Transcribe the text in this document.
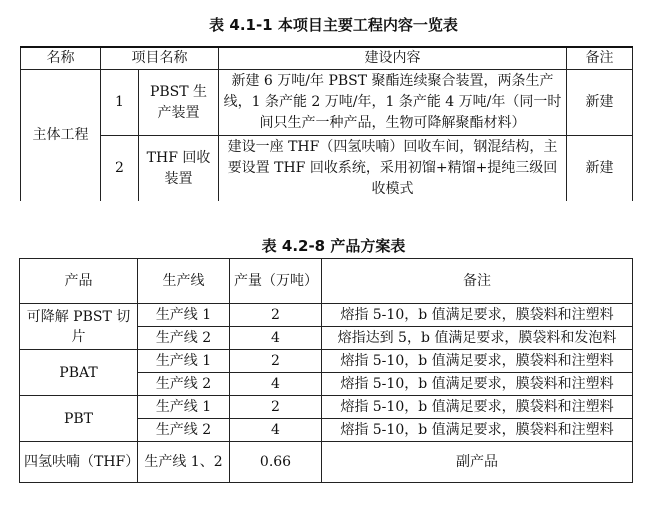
表 4.1-1 本项目主要工程内容一览表
名称	项目名称		建设内容	备注
主体工程	1	PBST 生产装置	新建 6 万吨/年 PBST 聚酯连续聚合装置，两条生产线，1 条产能 2 万吨/年，1 条产能 4 万吨/年（同一时间只生产一种产品，生物可降解聚酯材料）	新建
	2	THF 回收装置	建设一座 THF（四氢呋喃）回收车间，钢混结构，主要设置 THF 回收系统，采用初馏+精馏+提纯三级回收模式	新建
表 4.2-8 产品方案表
产品	生产线	产量（万吨）	备注
可降解 PBST 切片	生产线 1	2	熔指 5-10，b 值满足要求，膜袋料和注塑料
	生产线 2	4	熔指达到 5，b 值满足要求，膜袋料和发泡料
PBAT	生产线 1	2	熔指 5-10，b 值满足要求，膜袋料和注塑料
	生产线 2	4	熔指 5-10，b 值满足要求，膜袋料和注塑料
PBT	生产线 1	2	熔指 5-10，b 值满足要求，膜袋料和注塑料
	生产线 2	4	熔指 5-10，b 值满足要求，膜袋料和注塑料
四氢呋喃（THF）	生产线 1、2	0.66	副产品
